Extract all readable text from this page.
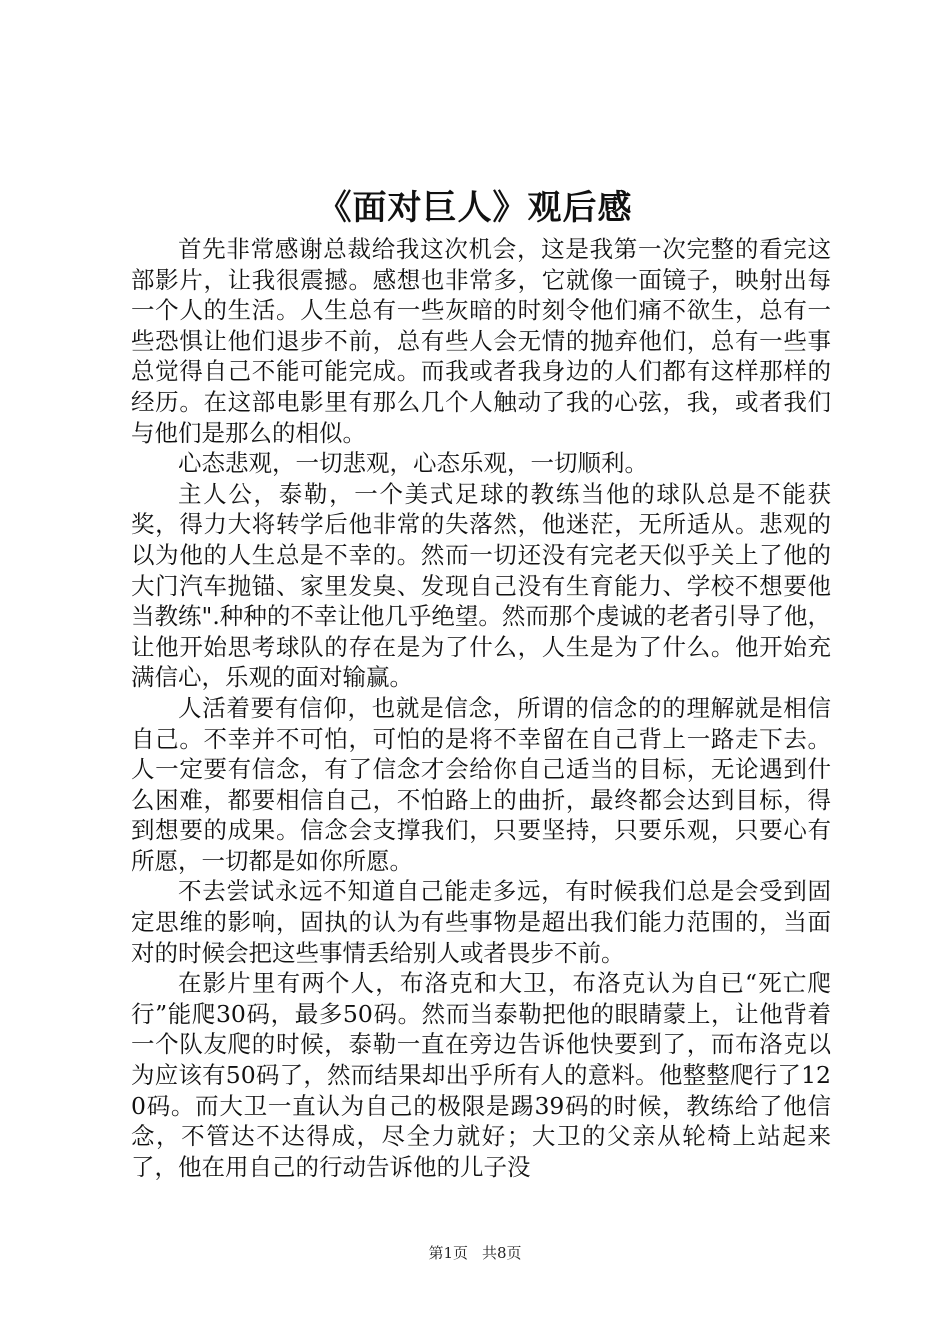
《面对巨人》观后感

首先非常感谢总裁给我这次机会，这是我第一次完整的看完这部影片，让我很震撼。感想也非常多，它就像一面镜子，映射出每一个人的生活。人生总有一些灰暗的时刻令他们痛不欲生，总有一些恐惧让他们退步不前，总有些人会无情的抛弃他们，总有一些事总觉得自己不能可能完成。而我或者我身边的人们都有这样那样的经历。在这部电影里有那么几个人触动了我的心弦，我，或者我们与他们是那么的相似。

心态悲观，一切悲观，心态乐观，一切顺利。

主人公，泰勒，一个美式足球的教练当他的球队总是不能获奖，得力大将转学后他非常的失落然，他迷茫，无所适从。悲观的以为他的人生总是不幸的。然而一切还没有完老天似乎关上了他的大门汽车抛锚、家里发臭、发现自己没有生育能力、学校不想要他当教练".种种的不幸让他几乎绝望。然而那个虔诚的老者引导了他，让他开始思考球队的存在是为了什么，人生是为了什么。他开始充满信心，乐观的面对输赢。

人活着要有信仰，也就是信念，所谓的信念的的理解就是相信自己。不幸并不可怕，可怕的是将不幸留在自己背上一路走下去。人一定要有信念，有了信念才会给你自己适当的目标，无论遇到什么困难，都要相信自己，不怕路上的曲折，最终都会达到目标，得到想要的成果。信念会支撑我们，只要坚持，只要乐观，只要心有所愿，一切都是如你所愿。

不去尝试永远不知道自己能走多远，有时候我们总是会受到固定思维的影响，固执的认为有些事物是超出我们能力范围的，当面对的时候会把这些事情丢给别人或者畏步不前。

在影片里有两个人，布洛克和大卫，布洛克认为自已“死亡爬行”能爬30码，最多50码。然而当泰勒把他的眼睛蒙上，让他背着一个队友爬的时候，泰勒一直在旁边告诉他快要到了，而布洛克以为应该有50码了，然而结果却出乎所有人的意料。他整整爬行了120码。而大卫一直认为自己的极限是踢39码的时候，教练给了他信念，不管达不达得成，尽全力就好；大卫的父亲从轮椅上站起来了，他在用自己的行动告诉他的儿子没

第1页 共8页
